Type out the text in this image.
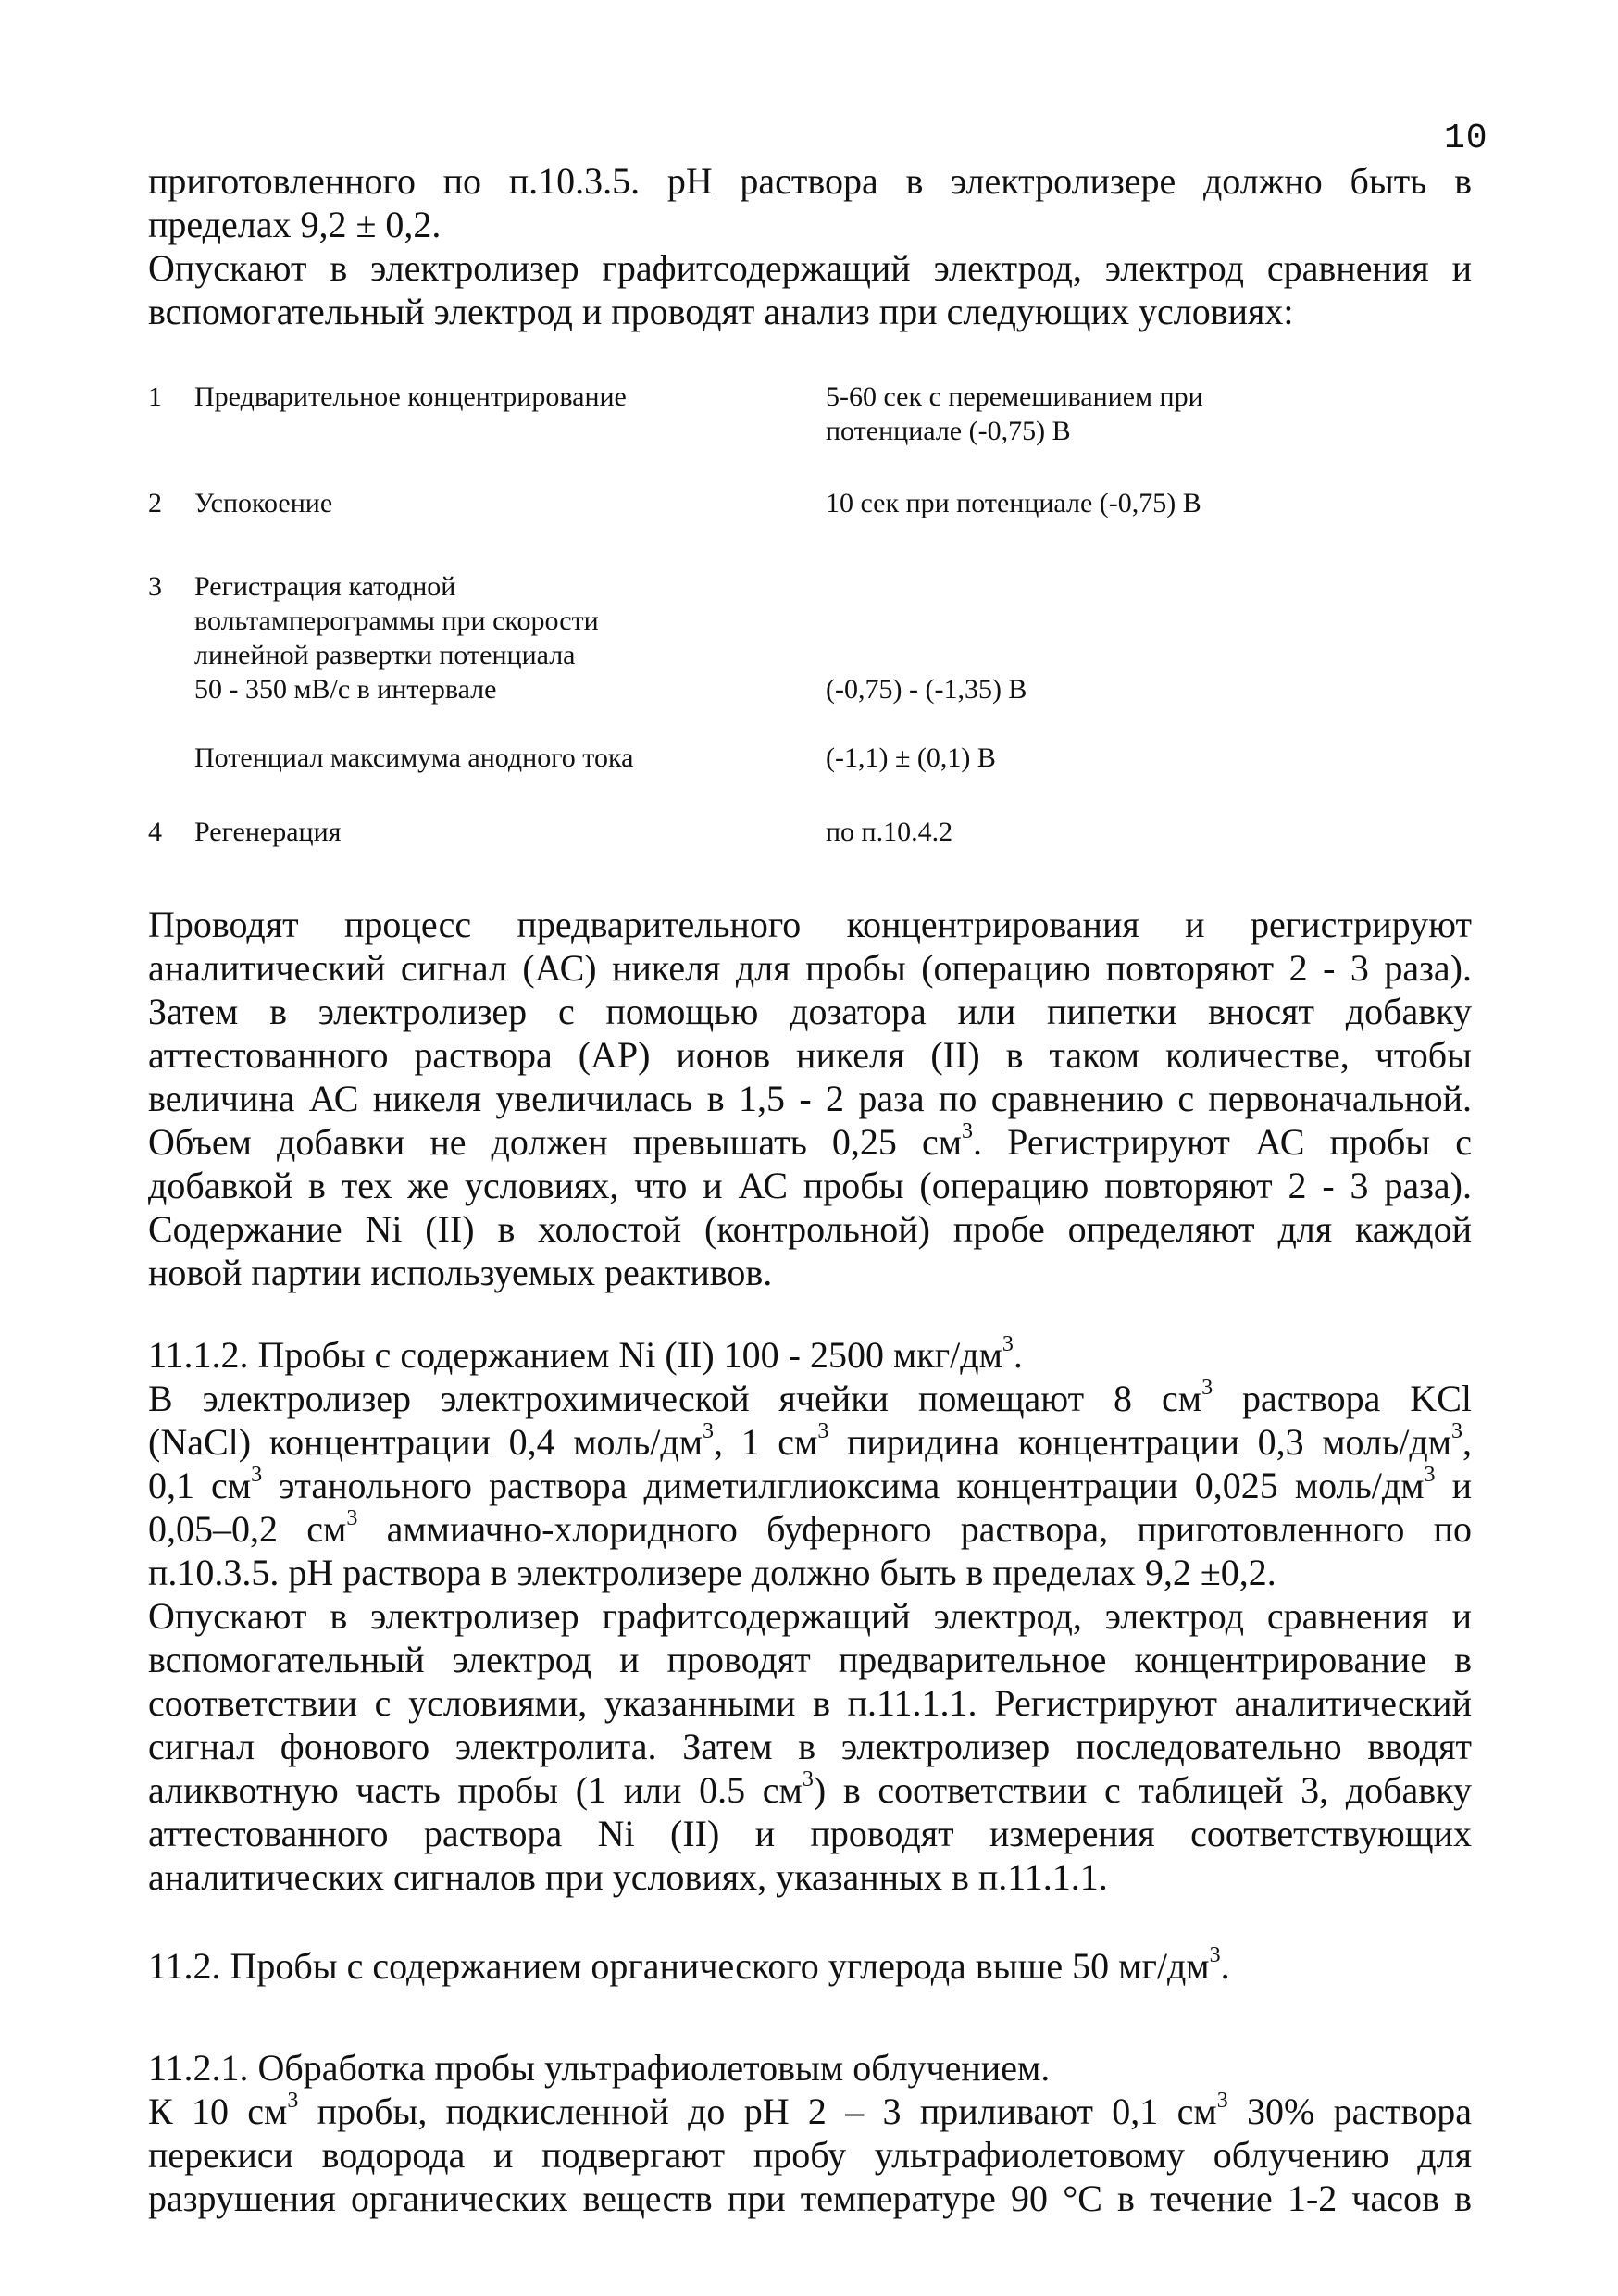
10
приготовленного по п.10.3.5. рН раствора в электролизере должно быть в
пределах 9,2 ± 0,2.
Опускают в электролизер графитсодержащий электрод, электрод сравнения и
вспомогательный электрод и проводят анализ при следующих условиях:
1	Предварительное концентрирование	5-60 сек с перемешиванием при
потенциале (-0,75) В
2	Успокоение	10 сек при потенциале (-0,75) В
3	Регистрация катодной
вольтамперограммы при скорости
линейной развертки потенциала
50 - 350 мВ/с в интервале	(-0,75) - (-1,35) В
Потенциал максимума анодного тока	(-1,1) ± (0,1) В
4	Регенерация	по п.10.4.2
Проводят процесс предварительного концентрирования и регистрируют
аналитический сигнал (АС) никеля для пробы (операцию повторяют 2 - 3 раза).
Затем в электролизер с помощью дозатора или пипетки вносят добавку
аттестованного раствора (АР) ионов никеля (II) в таком количестве, чтобы
величина АС никеля увеличилась в 1,5 - 2 раза по сравнению с первоначальной.
Объем добавки не должен превышать 0,25 $см^3$. Регистрируют АС пробы с
добавкой в тех же условиях, что и АС пробы (операцию повторяют 2 - 3 раза).
Содержание Ni (II) в холостой (контрольной) пробе определяют для каждой
новой партии используемых реактивов.
11.1.2. Пробы с содержанием Ni (II) 100 - 2500 мкг/$дм^3$.
В электролизер электрохимической ячейки помещают 8 $см^3$ раствора KCl
(NaCl) концентрации 0,4 моль/$дм^3$, 1 $см^3$ пиридина концентрации 0,3 моль/$дм^3$,
0,1 $см^3$ этанольного раствора диметилглиоксима концентрации 0,025 моль/$дм^3$ и
0,05–0,2 $см^3$ аммиачно-хлоридного буферного раствора, приготовленного по
п.10.3.5. рН раствора в электролизере должно быть в пределах 9,2 ±0,2.
Опускают в электролизер графитсодержащий электрод, электрод сравнения и
вспомогательный электрод и проводят предварительное концентрирование в
соответствии с условиями, указанными в п.11.1.1. Регистрируют аналитический
сигнал фонового электролита. Затем в электролизер последовательно вводят
аликвотную часть пробы (1 или 0.5 $см^3$) в соответствии с таблицей 3, добавку
аттестованного раствора Ni (II) и проводят измерения соответствующих
аналитических сигналов при условиях, указанных в п.11.1.1.
11.2. Пробы с содержанием органического углерода выше 50 $мг/дм^3$.
11.2.1. Обработка пробы ультрафиолетовым облучением.
К 10 $см^3$ пробы, подкисленной до рН 2 – 3 приливают 0,1 $см^3$ 30% раствора
перекиси водорода и подвергают пробу ультрафиолетовому облучению для
разрушения органических веществ при температуре 90 °С в течение 1-2 часов в
